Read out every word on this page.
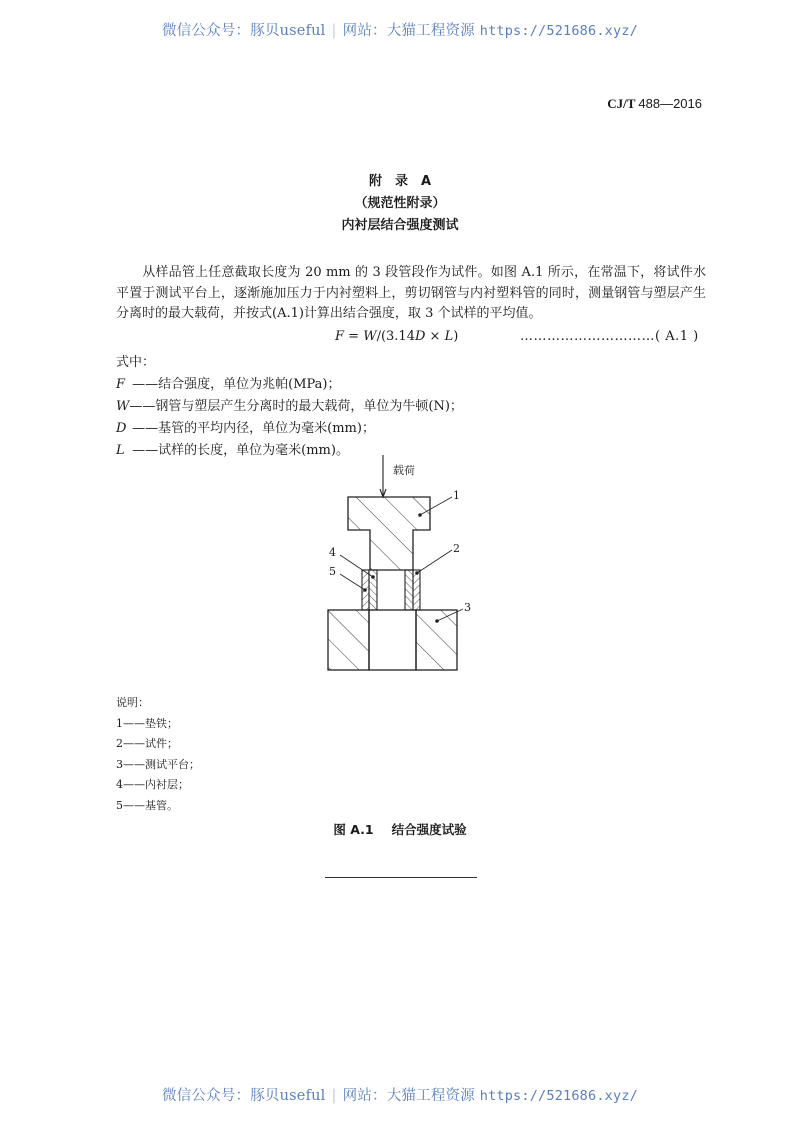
微信公众号：豚贝useful | 网站：大猫工程资源 https://521686.xyz/
CJ/T 488—2016
附　录　A
（规范性附录）
内衬层结合强度测试
从样品管上任意截取长度为 20 mm 的 3 段管段作为试件。如图 A.1 所示，在常温下，将试件水平置于测试平台上，逐渐施加压力于内衬塑料上，剪切钢管与内衬塑料管的同时，测量钢管与塑层产生分离时的最大载荷，并按式(A.1)计算出结合强度，取 3 个试样的平均值。
F = W/(3.14D × L)	…………………………( A.1 )
式中：
F ——结合强度，单位为兆帕(MPa)；
W——钢管与塑层产生分离时的最大载荷，单位为牛顿(N)；
D ——基管的平均内径，单位为毫米(mm)；
L ——试样的长度，单位为毫米(mm)。
载荷
1
2
3
4
5
说明：
1——垫铁；
2——试件；
3——测试平台；
4——内衬层；
5——基管。
图 A.1 结合强度试验
微信公众号：豚贝useful | 网站：大猫工程资源 https://521686.xyz/
